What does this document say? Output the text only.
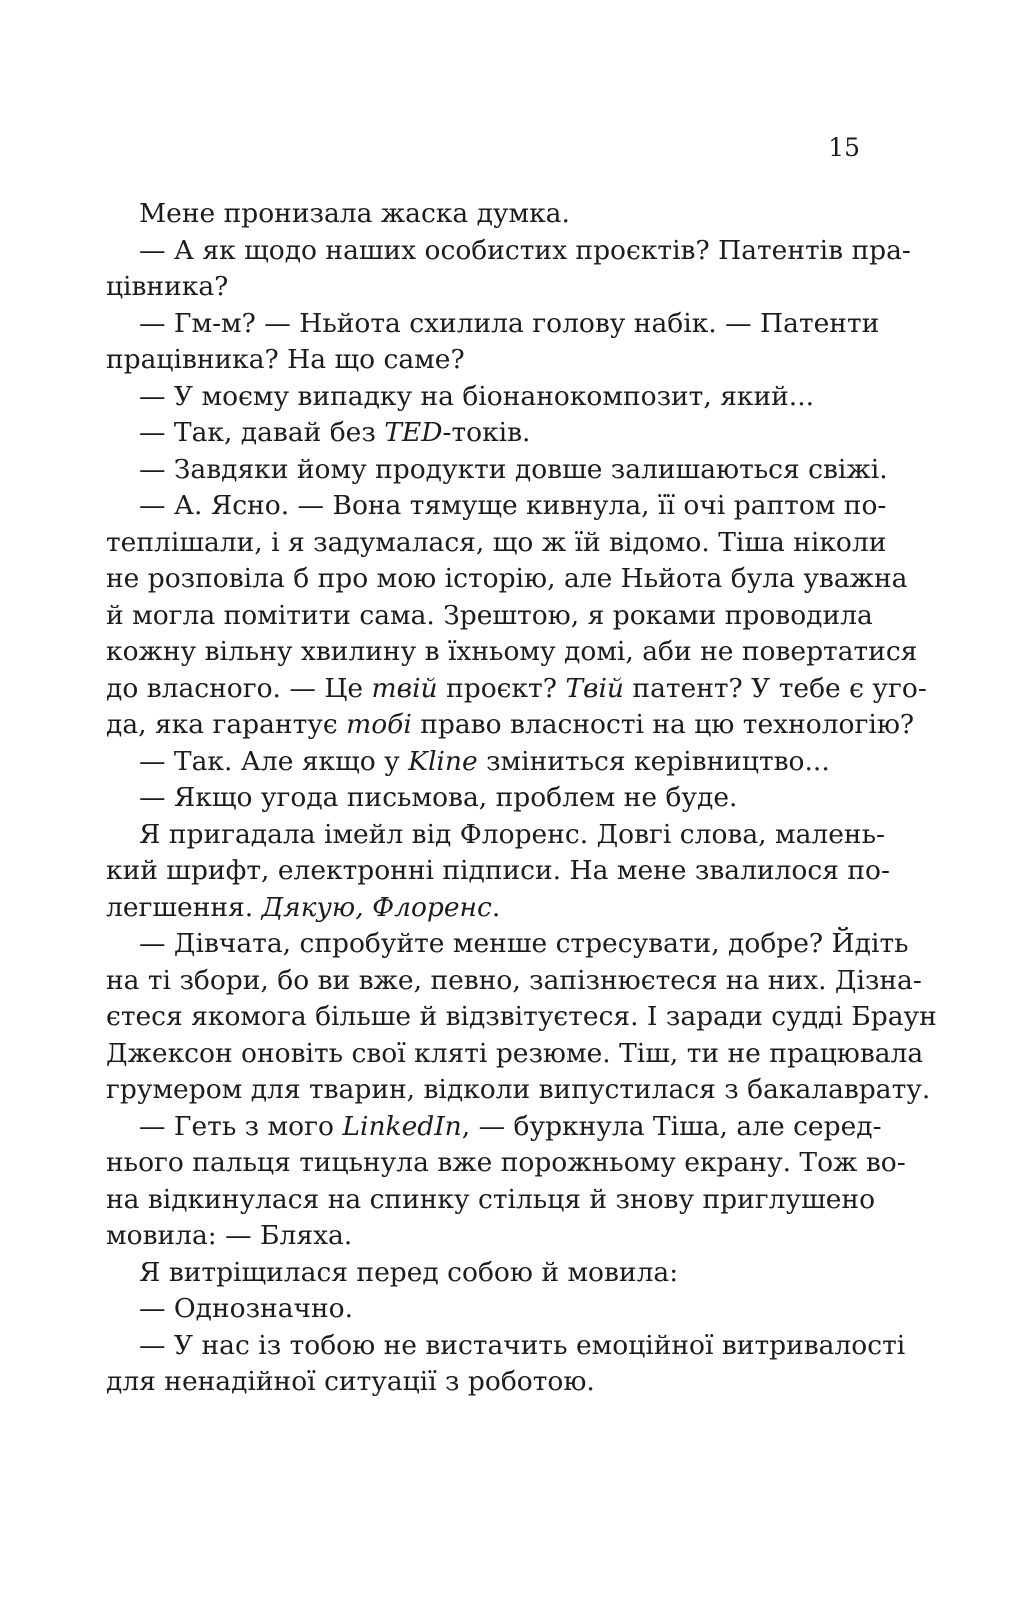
15
Мене пронизала жаска думка.
— А як щодо наших особистих проєктів? Патентів пра-
цівника?
— Гм-м? — Ньйота схилила голову набік. — Патенти
працівника? На що саме?
— У моєму випадку на біонанокомпозит, який...
— Так, давай без TED-токів.
— Завдяки йому продукти довше залишаються свіжі.
— А. Ясно. — Вона тямуще кивнула, її очі раптом по-
теплішали, і я задумалася, що ж їй відомо. Тіша ніколи
не розповіла б про мою історію, але Ньйота була уважна
й могла помітити сама. Зрештою, я роками проводила
кожну вільну хвилину в їхньому домі, аби не повертатися
до власного. — Це твій проєкт? Твій патент? У тебе є уго-
да, яка гарантує тобі право власності на цю технологію?
— Так. Але якщо у Kline зміниться керівництво...
— Якщо угода письмова, проблем не буде.
Я пригадала імейл від Флоренс. Довгі слова, малень-
кий шрифт, електронні підписи. На мене звалилося по-
легшення. Дякую, Флоренс.
— Дівчата, спробуйте менше стресувати, добре? Йдіть
на ті збори, бо ви вже, певно, запізнюєтеся на них. Дізна-
єтеся якомога більше й відзвітуєтеся. І заради судді Браун
Джексон оновіть свої кляті резюме. Тіш, ти не працювала
грумером для тварин, відколи випустилася з бакалаврату.
— Геть з мого LinkedIn, — буркнула Тіша, але серед-
нього пальця тицьнула вже порожньому екрану. Тож во-
на відкинулася на спинку стільця й знову приглушено
мовила: — Бляха.
Я витріщилася перед собою й мовила:
— Однозначно.
— У нас із тобою не вистачить емоційної витривалості
для ненадійної ситуації з роботою.
